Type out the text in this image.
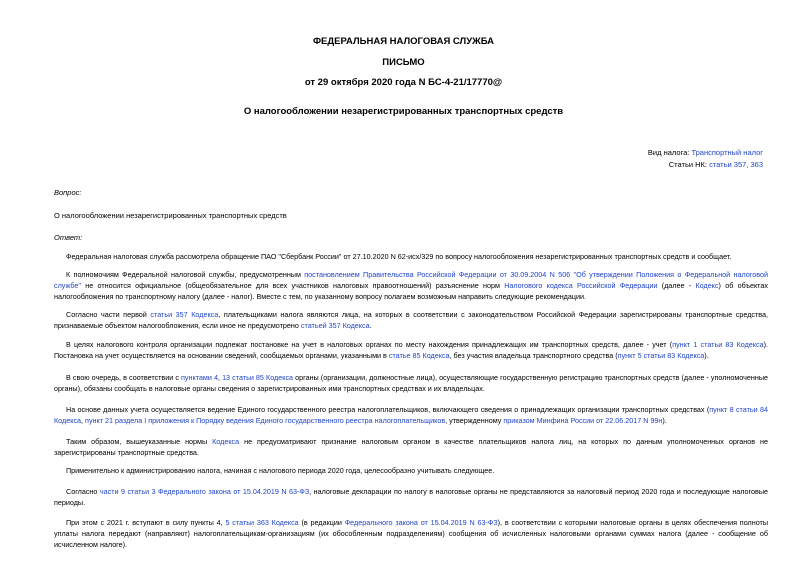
ФЕДЕРАЛЬНАЯ НАЛОГОВАЯ СЛУЖБА
ПИСЬМО
от 29 октября 2020 года N БС-4-21/17770@
О налогообложении незарегистрированных транспортных средств
Вид налога: Транспортный налог
Статьи НК: статьи 357, 363
Вопрос:
О налогообложении незарегистрированных транспортных средств
Ответ:
Федеральная налоговая служба рассмотрела обращение ПАО "Сбербанк России" от 27.10.2020 N 62-исх/329 по вопросу налогообложения незарегистрированных транспортных средств и сообщает.
К полномочиям Федеральной налоговой службы, предусмотренным постановлением Правительства Российской Федерации от 30.09.2004 N 506 "Об утверждении Положения о Федеральной налоговой службе" не относится официальное (общеобязательное для всех участников налоговых правоотношений) разъяснение норм Налогового кодекса Российской Федерации (далее - Кодекс) об объектах налогообложения по транспортному налогу (далее - налог). Вместе с тем, по указанному вопросу полагаем возможным направить следующие рекомендации.
Согласно части первой статьи 357 Кодекса, плательщиками налога являются лица, на которых в соответствии с законодательством Российской Федерации зарегистрированы транспортные средства, признаваемые объектом налогообложения, если иное не предусмотрено статьей 357 Кодекса.
В целях налогового контроля организации подлежат постановке на учет в налоговых органах по месту нахождения принадлежащих им транспортных средств, далее - учет (пункт 1 статьи 83 Кодекса). Постановка на учет осуществляется на основании сведений, сообщаемых органами, указанными в статье 85 Кодекса, без участия владельца транспортного средства (пункт 5 статьи 83 Кодекса).
В свою очередь, в соответствии с пунктами 4, 13 статьи 85 Кодекса органы (организации, должностные лица), осуществляющие государственную регистрацию транспортных средств (далее - уполномоченные органы), обязаны сообщать в налоговые органы сведения о зарегистрированных ими транспортных средствах и их владельцах.
На основе данных учета осуществляется ведение Единого государственного реестра налогоплательщиков, включающего сведения о принадлежащих организации транспортных средствах (пункт 8 статьи 84 Кодекса, пункт 21 раздела I приложения к Порядку ведения Единого государственного реестра налогоплательщиков, утвержденному приказом Минфина России от 22.06.2017 N 99н).
Таким образом, вышеуказанные нормы Кодекса не предусматривают признание налоговым органом в качестве плательщиков налога лиц, на которых по данным уполномоченных органов не зарегистрированы транспортные средства.
Применительно к администрированию налога, начиная с налогового периода 2020 года, целесообразно учитывать следующее.
Согласно части 9 статьи 3 Федерального закона от 15.04.2019 N 63-ФЗ, налоговые декларации по налогу в налоговые органы не представляются за налоговый период 2020 года и последующие налоговые периоды.
При этом с 2021 г. вступают в силу пункты 4, 5 статьи 363 Кодекса (в редакции Федерального закона от 15.04.2019 N 63-ФЗ), в соответствии с которыми налоговые органы в целях обеспечения полноты уплаты налога передают (направляют) налогоплательщикам-организациям (их обособленным подразделениям) сообщения об исчисленных налоговыми органами суммах налога (далее - сообщение об исчисленном налоге).
